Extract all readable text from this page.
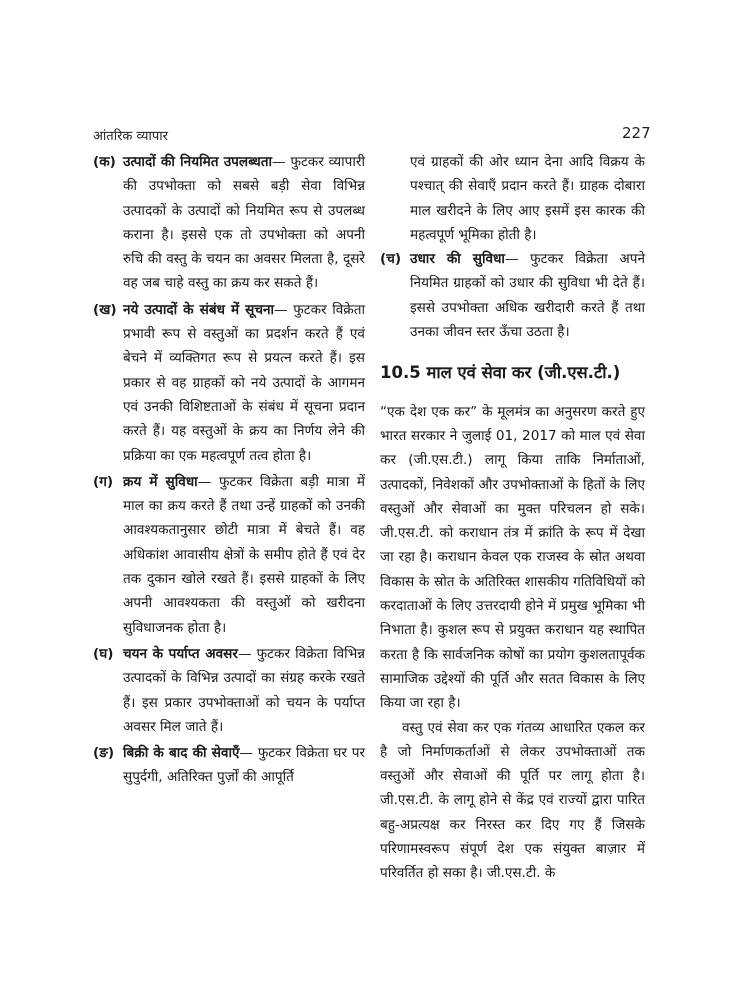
आंतरिक व्यापार	227
(क) उत्पादों की नियमित उपलब्धता— फुटकर व्यापारी की उपभोक्ता को सबसे बड़ी सेवा विभिन्न उत्पादकों के उत्पादों को नियमित रूप से उपलब्ध कराना है। इससे एक तो उपभोक्ता को अपनी रुचि की वस्तु के चयन का अवसर मिलता है, दूसरे वह जब चाहे वस्तु का क्रय कर सकते हैं।
(ख) नये उत्पादों के संबंध में सूचना— फुटकर विक्रेता प्रभावी रूप से वस्तुओं का प्रदर्शन करते हैं एवं बेचने में व्यक्तिगत रूप से प्रयत्न करते हैं। इस प्रकार से वह ग्राहकों को नये उत्पादों के आगमन एवं उनकी विशिष्टताओं के संबंध में सूचना प्रदान करते हैं। यह वस्तुओं के क्रय का निर्णय लेने की प्रक्रिया का एक महत्वपूर्ण तत्व होता है।
(ग) क्रय में सुविधा— फुटकर विक्रेता बड़ी मात्रा में माल का क्रय करते हैं तथा उन्हें ग्राहकों को उनकी आवश्यकतानुसार छोटी मात्रा में बेचते हैं। वह अधिकांश आवासीय क्षेत्रों के समीप होते हैं एवं देर तक दुकान खोले रखते हैं। इससे ग्राहकों के लिए अपनी आवश्यकता की वस्तुओं को खरीदना सुविधाजनक होता है।
(घ) चयन के पर्याप्त अवसर— फुटकर विक्रेता विभिन्न उत्पादकों के विभिन्न उत्पादों का संग्रह करके रखते हैं। इस प्रकार उपभोक्ताओं को चयन के पर्याप्त अवसर मिल जाते हैं।
(ङ) बिक्री के बाद की सेवाएँ— फुटकर विक्रेता घर पर सुपुर्दगी, अतिरिक्त पुर्ज़ों की आपूर्ति
एवं ग्राहकों की ओर ध्यान देना आदि विक्रय के पश्चात् की सेवाएँ प्रदान करते हैं। ग्राहक दोबारा माल खरीदने के लिए आए इसमें इस कारक की महत्वपूर्ण भूमिका होती है।
(च) उधार की सुविधा— फुटकर विक्रेता अपने नियमित ग्राहकों को उधार की सुविधा भी देते हैं। इससे उपभोक्ता अधिक खरीदारी करते हैं तथा उनका जीवन स्तर ऊँचा उठता है।
10.5 माल एवं सेवा कर (जी.एस.टी.)
“एक देश एक कर” के मूलमंत्र का अनुसरण करते हुए भारत सरकार ने जुलाई 01, 2017 को माल एवं सेवा कर (जी.एस.टी.) लागू किया ताकि निर्माताओं, उत्पादकों, निवेशकों और उपभोक्ताओं के हितों के लिए वस्तुओं और सेवाओं का मुक्त परिचलन हो सके। जी.एस.टी. को कराधान तंत्र में क्रांति के रूप में देखा जा रहा है। कराधान केवल एक राजस्व के स्रोत अथवा विकास के स्रोत के अतिरिक्त शासकीय गतिविधियों को करदाताओं के लिए उत्तरदायी होने में प्रमुख भूमिका भी निभाता है। कुशल रूप से प्रयुक्त कराधान यह स्थापित करता है कि सार्वजनिक कोषों का प्रयोग कुशलतापूर्वक सामाजिक उद्देश्यों की पूर्ति और सतत विकास के लिए किया जा रहा है।
वस्तु एवं सेवा कर एक गंतव्य आधारित एकल कर है जो निर्माणकर्ताओं से लेकर उपभोक्ताओं तक वस्तुओं और सेवाओं की पूर्ति पर लागू होता है। जी.एस.टी. के लागू होने से केंद्र एवं राज्यों द्वारा पारित बहु-अप्रत्यक्ष कर निरस्त कर दिए गए हैं जिसके परिणामस्वरूप संपूर्ण देश एक संयुक्त बाज़ार में परिवर्तित हो सका है। जी.एस.टी. के
